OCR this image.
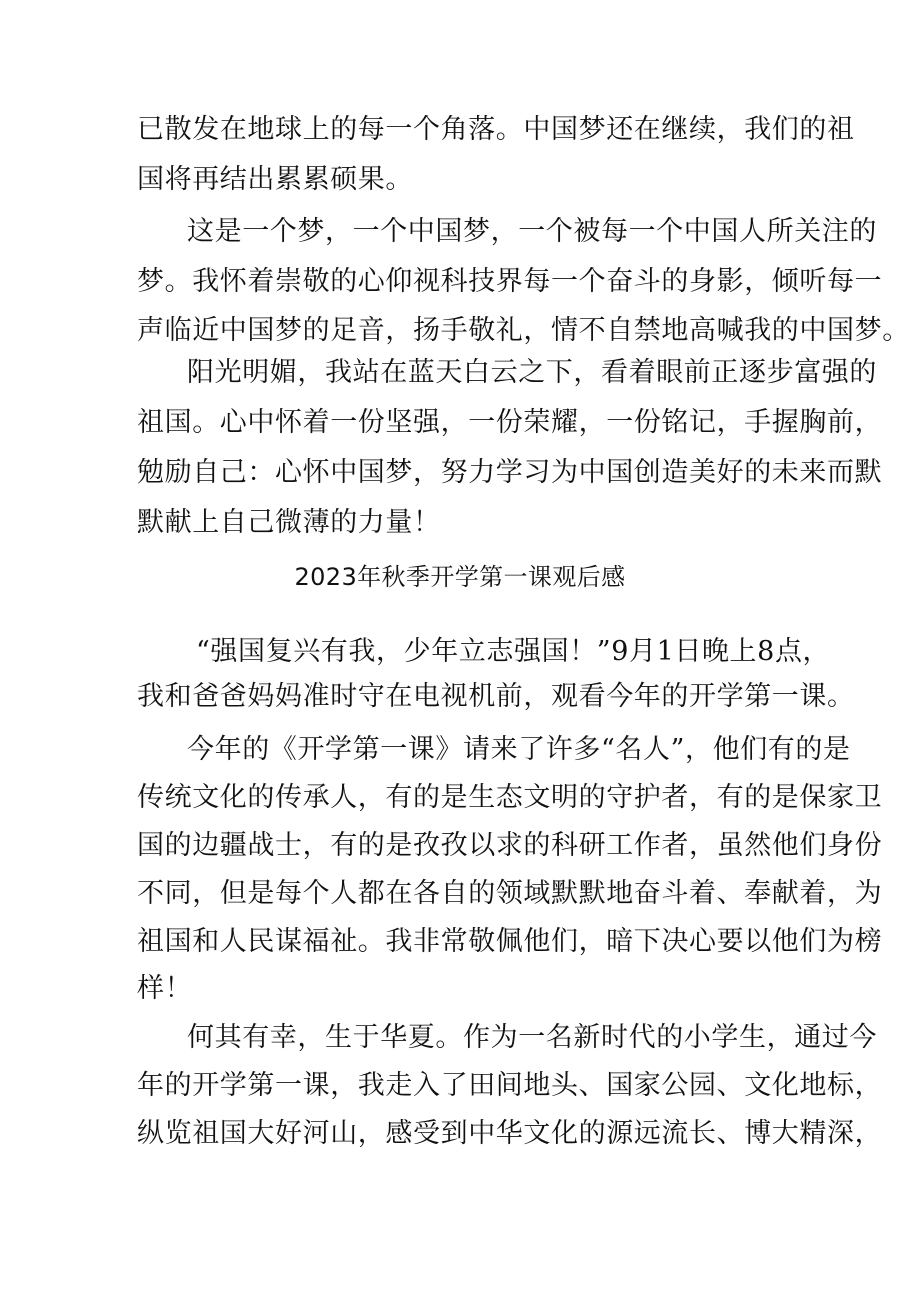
已散发在地球上的每一个角落。中国梦还在继续，我们的祖
国将再结出累累硕果。
这是一个梦，一个中国梦，一个被每一个中国人所关注的
梦。我怀着崇敬的心仰视科技界每一个奋斗的身影，倾听每一
声临近中国梦的足音，扬手敬礼，情不自禁地高喊我的中国梦。
阳光明媚，我站在蓝天白云之下，看着眼前正逐步富强的
祖国。心中怀着一份坚强，一份荣耀，一份铭记，手握胸前，
勉励自己：心怀中国梦，努力学习为中国创造美好的未来而默
默献上自己微薄的力量！
2023年秋季开学第一课观后感
“强国复兴有我，少年立志强国！”9月1日晚上8点，
我和爸爸妈妈准时守在电视机前，观看今年的开学第一课。
今年的《开学第一课》请来了许多“名人”，他们有的是
传统文化的传承人，有的是生态文明的守护者，有的是保家卫
国的边疆战士，有的是孜孜以求的科研工作者，虽然他们身份
不同，但是每个人都在各自的领域默默地奋斗着、奉献着，为
祖国和人民谋福祉。我非常敬佩他们，暗下决心要以他们为榜
样！
何其有幸，生于华夏。作为一名新时代的小学生，通过今
年的开学第一课，我走入了田间地头、国家公园、文化地标，
纵览祖国大好河山，感受到中华文化的源远流长、博大精深，
